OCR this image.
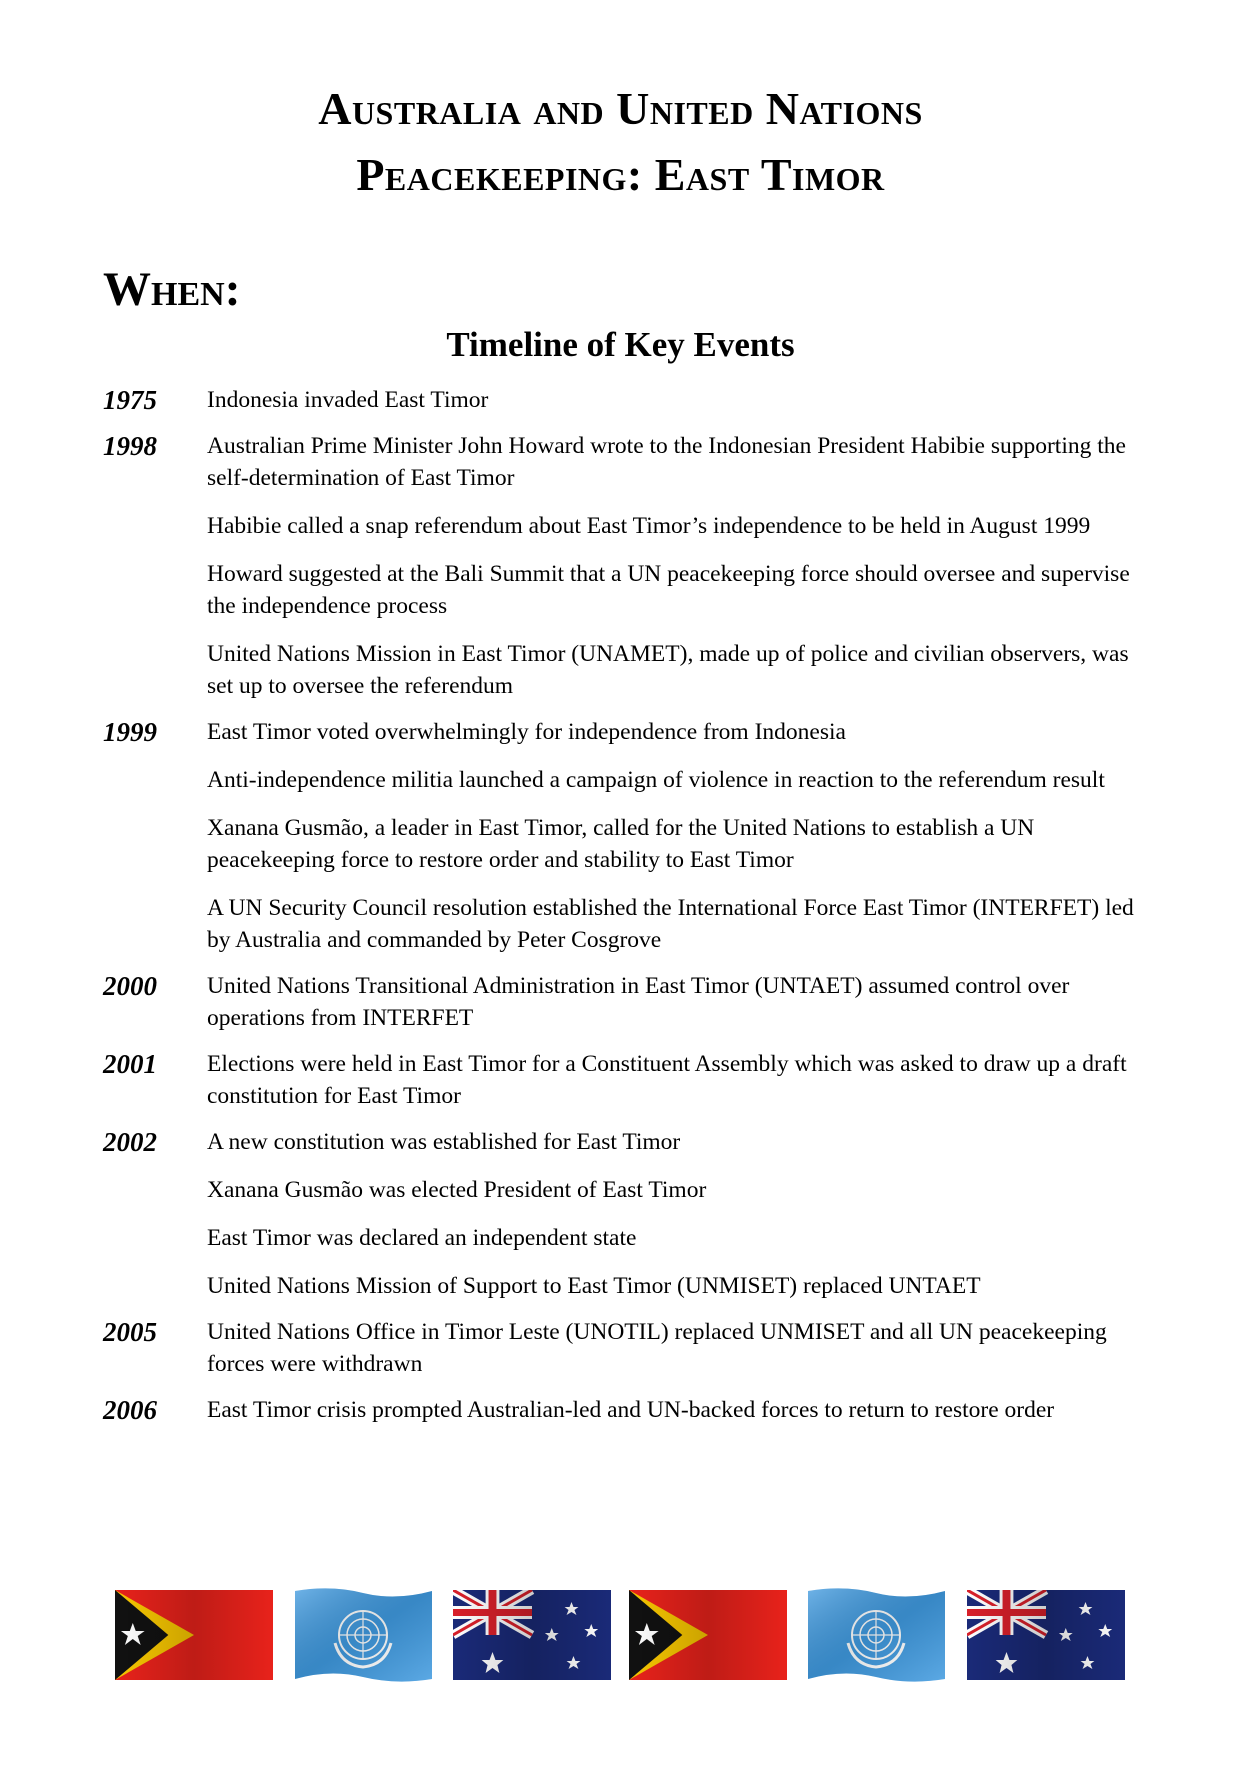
Australia and United Nations
Peacekeeping: East Timor
When:
Timeline of Key Events
1975	Indonesia invaded East Timor

1998	Australian Prime Minister John Howard wrote to the Indonesian President Habibie supporting the self-determination of East Timor

Habibie called a snap referendum about East Timor’s independence to be held in August 1999

Howard suggested at the Bali Summit that a UN peacekeeping force should oversee and supervise the independence process

United Nations Mission in East Timor (UNAMET), made up of police and civilian observers, was set up to oversee the referendum

1999	East Timor voted overwhelmingly for independence from Indonesia

Anti-independence militia launched a campaign of violence in reaction to the referendum result

Xanana Gusmão, a leader in East Timor, called for the United Nations to establish a UN peacekeeping force to restore order and stability to East Timor

A UN Security Council resolution established the International Force East Timor (INTERFET) led by Australia and commanded by Peter Cosgrove

2000	United Nations Transitional Administration in East Timor (UNTAET) assumed control over operations from INTERFET

2001	Elections were held in East Timor for a Constituent Assembly which was asked to draw up a draft constitution for East Timor

2002	A new constitution was established for East Timor

Xanana Gusmão was elected President of East Timor

East Timor was declared an independent state

United Nations Mission of Support to East Timor (UNMISET) replaced UNTAET

2005	United Nations Office in Timor Leste (UNOTIL) replaced UNMISET and all UN peacekeeping forces were withdrawn

2006	East Timor crisis prompted Australian-led and UN-backed forces to return to restore order
